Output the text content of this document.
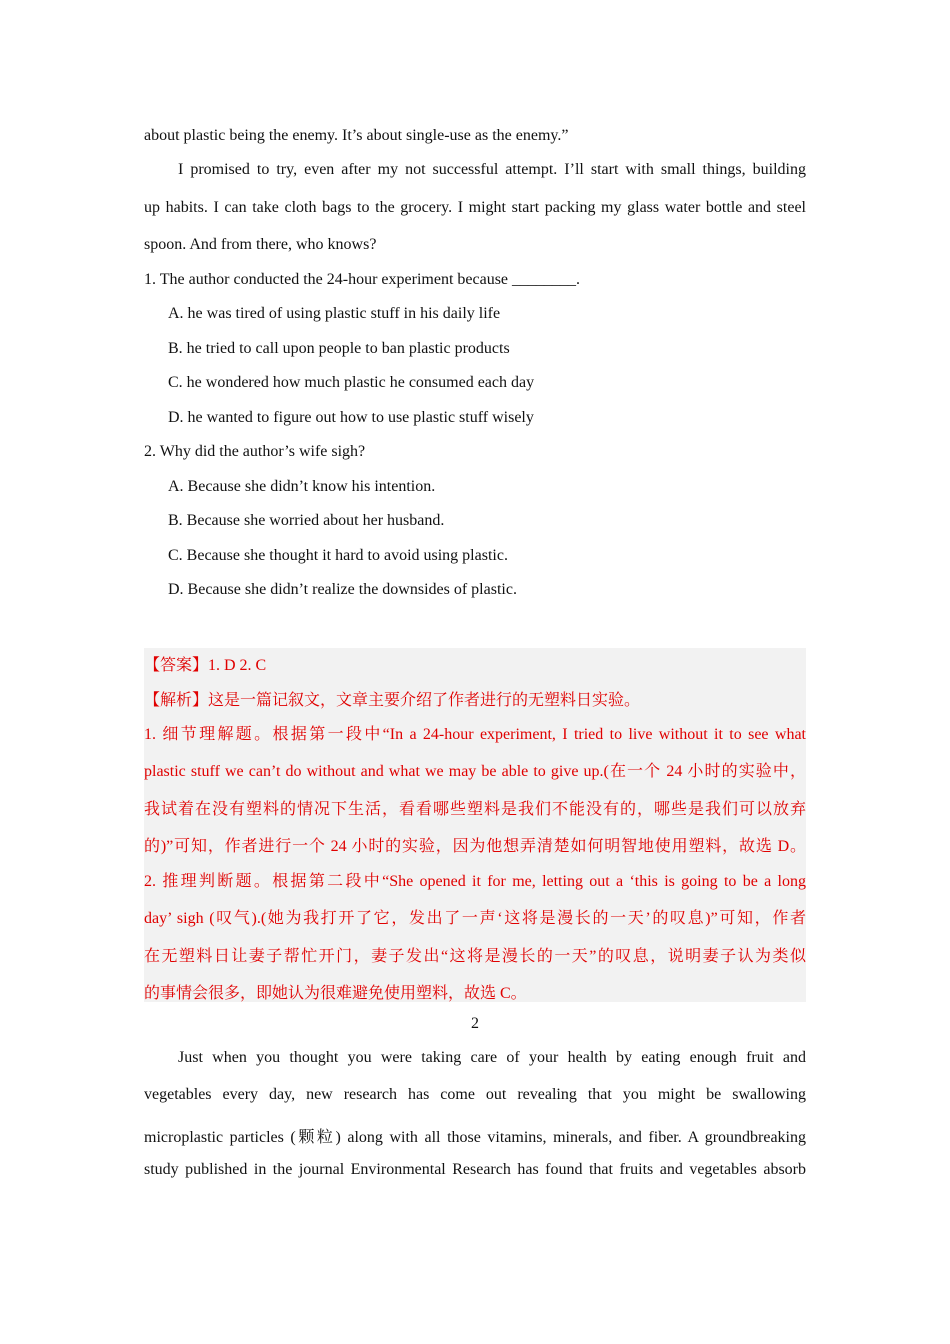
about plastic being the enemy. It’s about single-use as the enemy.”
I promised to try, even after my not successful attempt. I’ll start with small things, building
up habits. I can take cloth bags to the grocery. I might start packing my glass water bottle and steel
spoon. And from there, who knows?
1. The author conducted the 24-hour experiment because ________.
A. he was tired of using plastic stuff in his daily life
B. he tried to call upon people to ban plastic products
C. he wondered how much plastic he consumed each day
D. he wanted to figure out how to use plastic stuff wisely
2. Why did the author’s wife sigh?
A. Because she didn’t know his intention.
B. Because she worried about her husband.
C. Because she thought it hard to avoid using plastic.
D. Because she didn’t realize the downsides of plastic.
【答案】1. D 2. C
【解析】这是一篇记叙文，文章主要介绍了作者进行的无塑料日实验。
1. 细节理解题。根据第一段中“In a 24-hour experiment, I tried to live without it to see what
plastic stuff we can’t do without and what we may be able to give up.(在一个 24 小时的实验中，
我试着在没有塑料的情况下生活，看看哪些塑料是我们不能没有的，哪些是我们可以放弃
的)”可知，作者进行一个 24 小时的实验，因为他想弄清楚如何明智地使用塑料，故选 D。
2. 推理判断题。根据第二段中“She opened it for me, letting out a ‘this is going to be a long
day’ sigh (叹气).(她为我打开了它，发出了一声‘这将是漫长的一天’的叹息)”可知，作者
在无塑料日让妻子帮忙开门，妻子发出“这将是漫长的一天”的叹息，说明妻子认为类似
的事情会很多，即她认为很难避免使用塑料，故选 C。
2
Just when you thought you were taking care of your health by eating enough fruit and
vegetables every day, new research has come out revealing that you might be swallowing
microplastic particles (颗粒) along with all those vitamins, minerals, and fiber. A groundbreaking
study published in the journal Environmental Research has found that fruits and vegetables absorb
